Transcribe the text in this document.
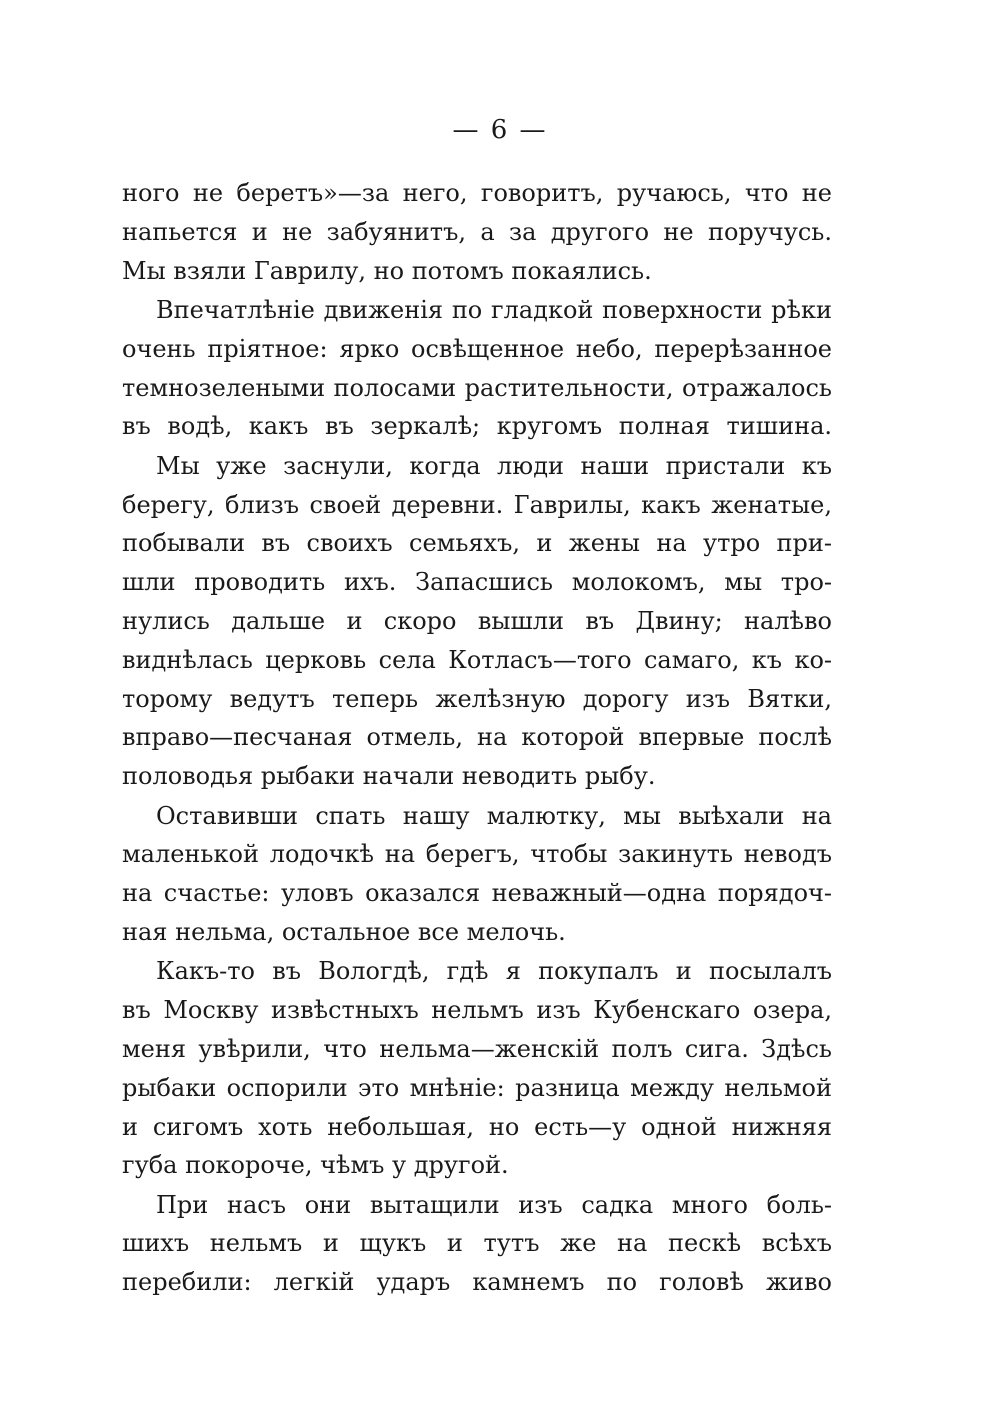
— 6 —

ного не беретъ»—за него, говоритъ, ручаюсь, что не
напьется и не забуянитъ, а за другого не поручусь.
Мы взяли Гаврилу, но потомъ покаялись.

Впечатлѣніе движенія по гладкой поверхности рѣки
очень пріятное: ярко освѣщенное небо, перерѣзанное
темнозелеными полосами растительности, отражалось
въ водѣ, какъ въ зеркалѣ; кругомъ полная тишина.

Мы уже заснули, когда люди наши пристали къ
берегу, близъ своей деревни. Гаврилы, какъ женатые,
побывали въ своихъ семьяхъ, и жены на утро при-
шли проводить ихъ. Запасшись молокомъ, мы тро-
нулись дальше и скоро вышли въ Двину; налѣво
виднѣлась церковь села Котласъ—того самаго, къ ко-
торому ведутъ теперь желѣзную дорогу изъ Вятки,
вправо—песчаная отмель, на которой впервые послѣ
половодья рыбаки начали неводить рыбу.

Оставивши спать нашу малютку, мы выѣхали на
маленькой лодочкѣ на берегъ, чтобы закинуть неводъ
на счастье: уловъ оказался неважный—одна порядоч-
ная нельма, остальное все мелочь.

Какъ-то въ Вологдѣ, гдѣ я покупалъ и посылалъ
въ Москву извѣстныхъ нельмъ изъ Кубенскаго озера,
меня увѣрили, что нельма—женскій полъ сига. Здѣсь
рыбаки оспорили это мнѣніе: разница между нельмой
и сигомъ хоть небольшая, но есть—у одной нижняя
губа покороче, чѣмъ у другой.

При насъ они вытащили изъ садка много боль-
шихъ нельмъ и щукъ и тутъ же на пескѣ всѣхъ
перебили: легкій ударъ камнемъ по головѣ живо
